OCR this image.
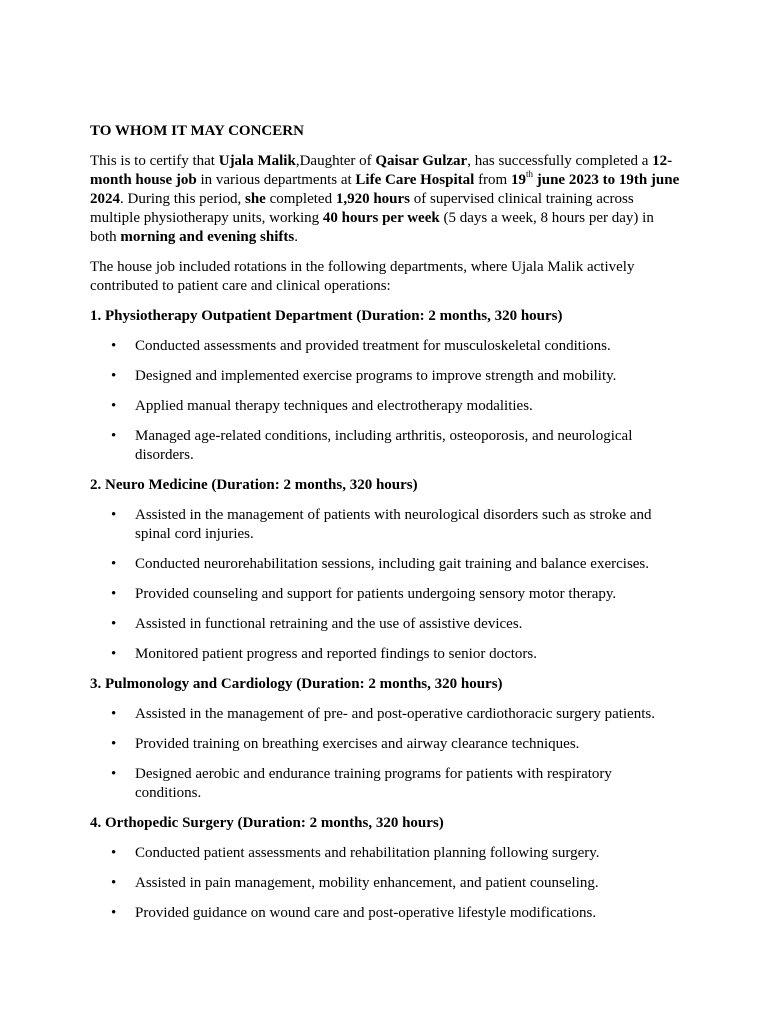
TO WHOM IT MAY CONCERN

This is to certify that Ujala Malik,Daughter of Qaisar Gulzar, has successfully completed a 12-month house job in various departments at Life Care Hospital from 19th june 2023 to 19th june 2024. During this period, she completed 1,920 hours of supervised clinical training across multiple physiotherapy units, working 40 hours per week (5 days a week, 8 hours per day) in both morning and evening shifts.

The house job included rotations in the following departments, where Ujala Malik actively contributed to patient care and clinical operations:

1. Physiotherapy Outpatient Department (Duration: 2 months, 320 hours)
• Conducted assessments and provided treatment for musculoskeletal conditions.
• Designed and implemented exercise programs to improve strength and mobility.
• Applied manual therapy techniques and electrotherapy modalities.
• Managed age-related conditions, including arthritis, osteoporosis, and neurological disorders.
2. Neuro Medicine (Duration: 2 months, 320 hours)
• Assisted in the management of patients with neurological disorders such as stroke and spinal cord injuries.
• Conducted neurorehabilitation sessions, including gait training and balance exercises.
• Provided counseling and support for patients undergoing sensory motor therapy.
• Assisted in functional retraining and the use of assistive devices.
• Monitored patient progress and reported findings to senior doctors.
3. Pulmonology and Cardiology (Duration: 2 months, 320 hours)
• Assisted in the management of pre- and post-operative cardiothoracic surgery patients.
• Provided training on breathing exercises and airway clearance techniques.
• Designed aerobic and endurance training programs for patients with respiratory conditions.
4. Orthopedic Surgery (Duration: 2 months, 320 hours)
• Conducted patient assessments and rehabilitation planning following surgery.
• Assisted in pain management, mobility enhancement, and patient counseling.
• Provided guidance on wound care and post-operative lifestyle modifications.
